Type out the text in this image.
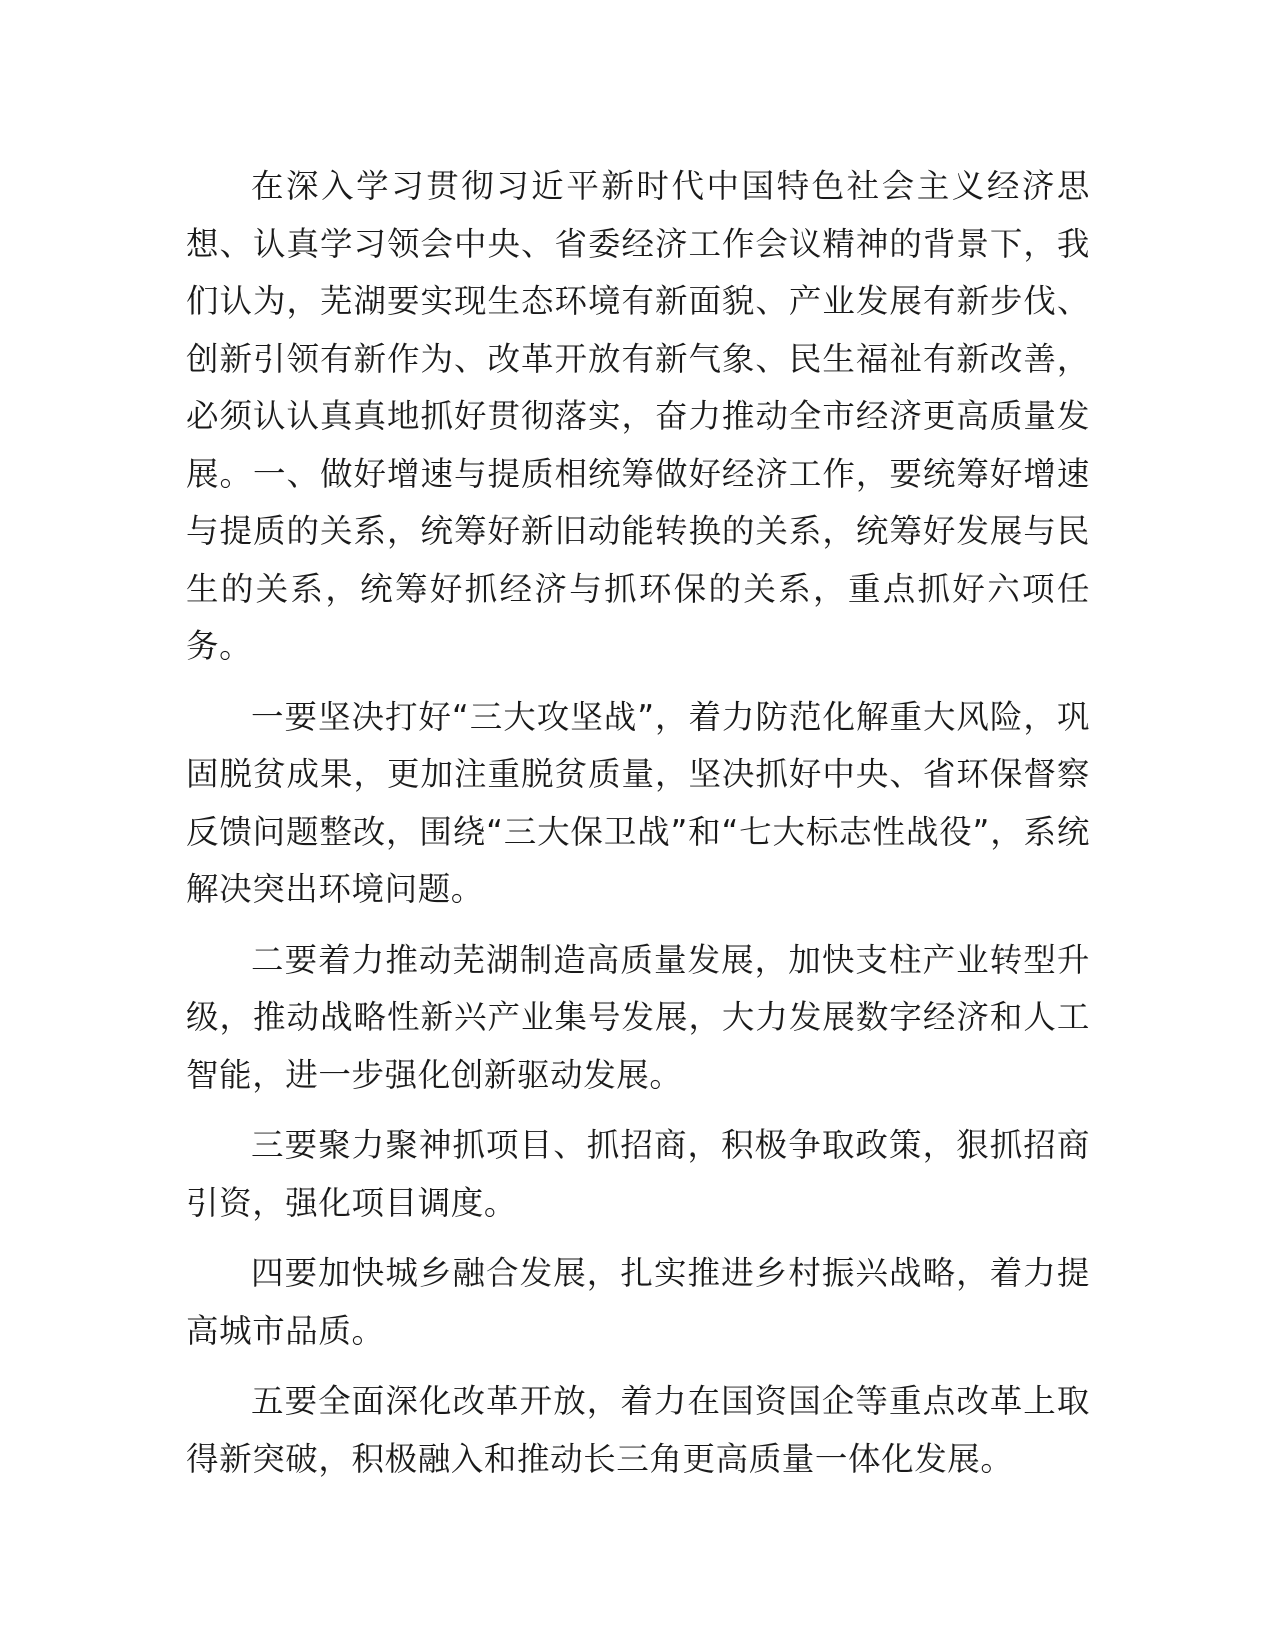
在深入学习贯彻习近平新时代中国特色社会主义经济思想、认真学习领会中央、省委经济工作会议精神的背景下，我们认为，芜湖要实现生态环境有新面貌、产业发展有新步伐、创新引领有新作为、改革开放有新气象、民生福祉有新改善，必须认认真真地抓好贯彻落实，奋力推动全市经济更高质量发展。一、做好增速与提质相统筹做好经济工作，要统筹好增速与提质的关系，统筹好新旧动能转换的关系，统筹好发展与民生的关系，统筹好抓经济与抓环保的关系，重点抓好六项任务。

一要坚决打好“三大攻坚战”，着力防范化解重大风险，巩固脱贫成果，更加注重脱贫质量，坚决抓好中央、省环保督察反馈问题整改，围绕“三大保卫战”和“七大标志性战役”，系统解决突出环境问题。

二要着力推动芜湖制造高质量发展，加快支柱产业转型升级，推动战略性新兴产业集号发展，大力发展数字经济和人工智能，进一步强化创新驱动发展。

三要聚力聚神抓项目、抓招商，积极争取政策，狠抓招商引资，强化项目调度。

四要加快城乡融合发展，扎实推进乡村振兴战略，着力提高城市品质。

五要全面深化改革开放，着力在国资国企等重点改革上取得新突破，积极融入和推动长三角更高质量一体化发展。
